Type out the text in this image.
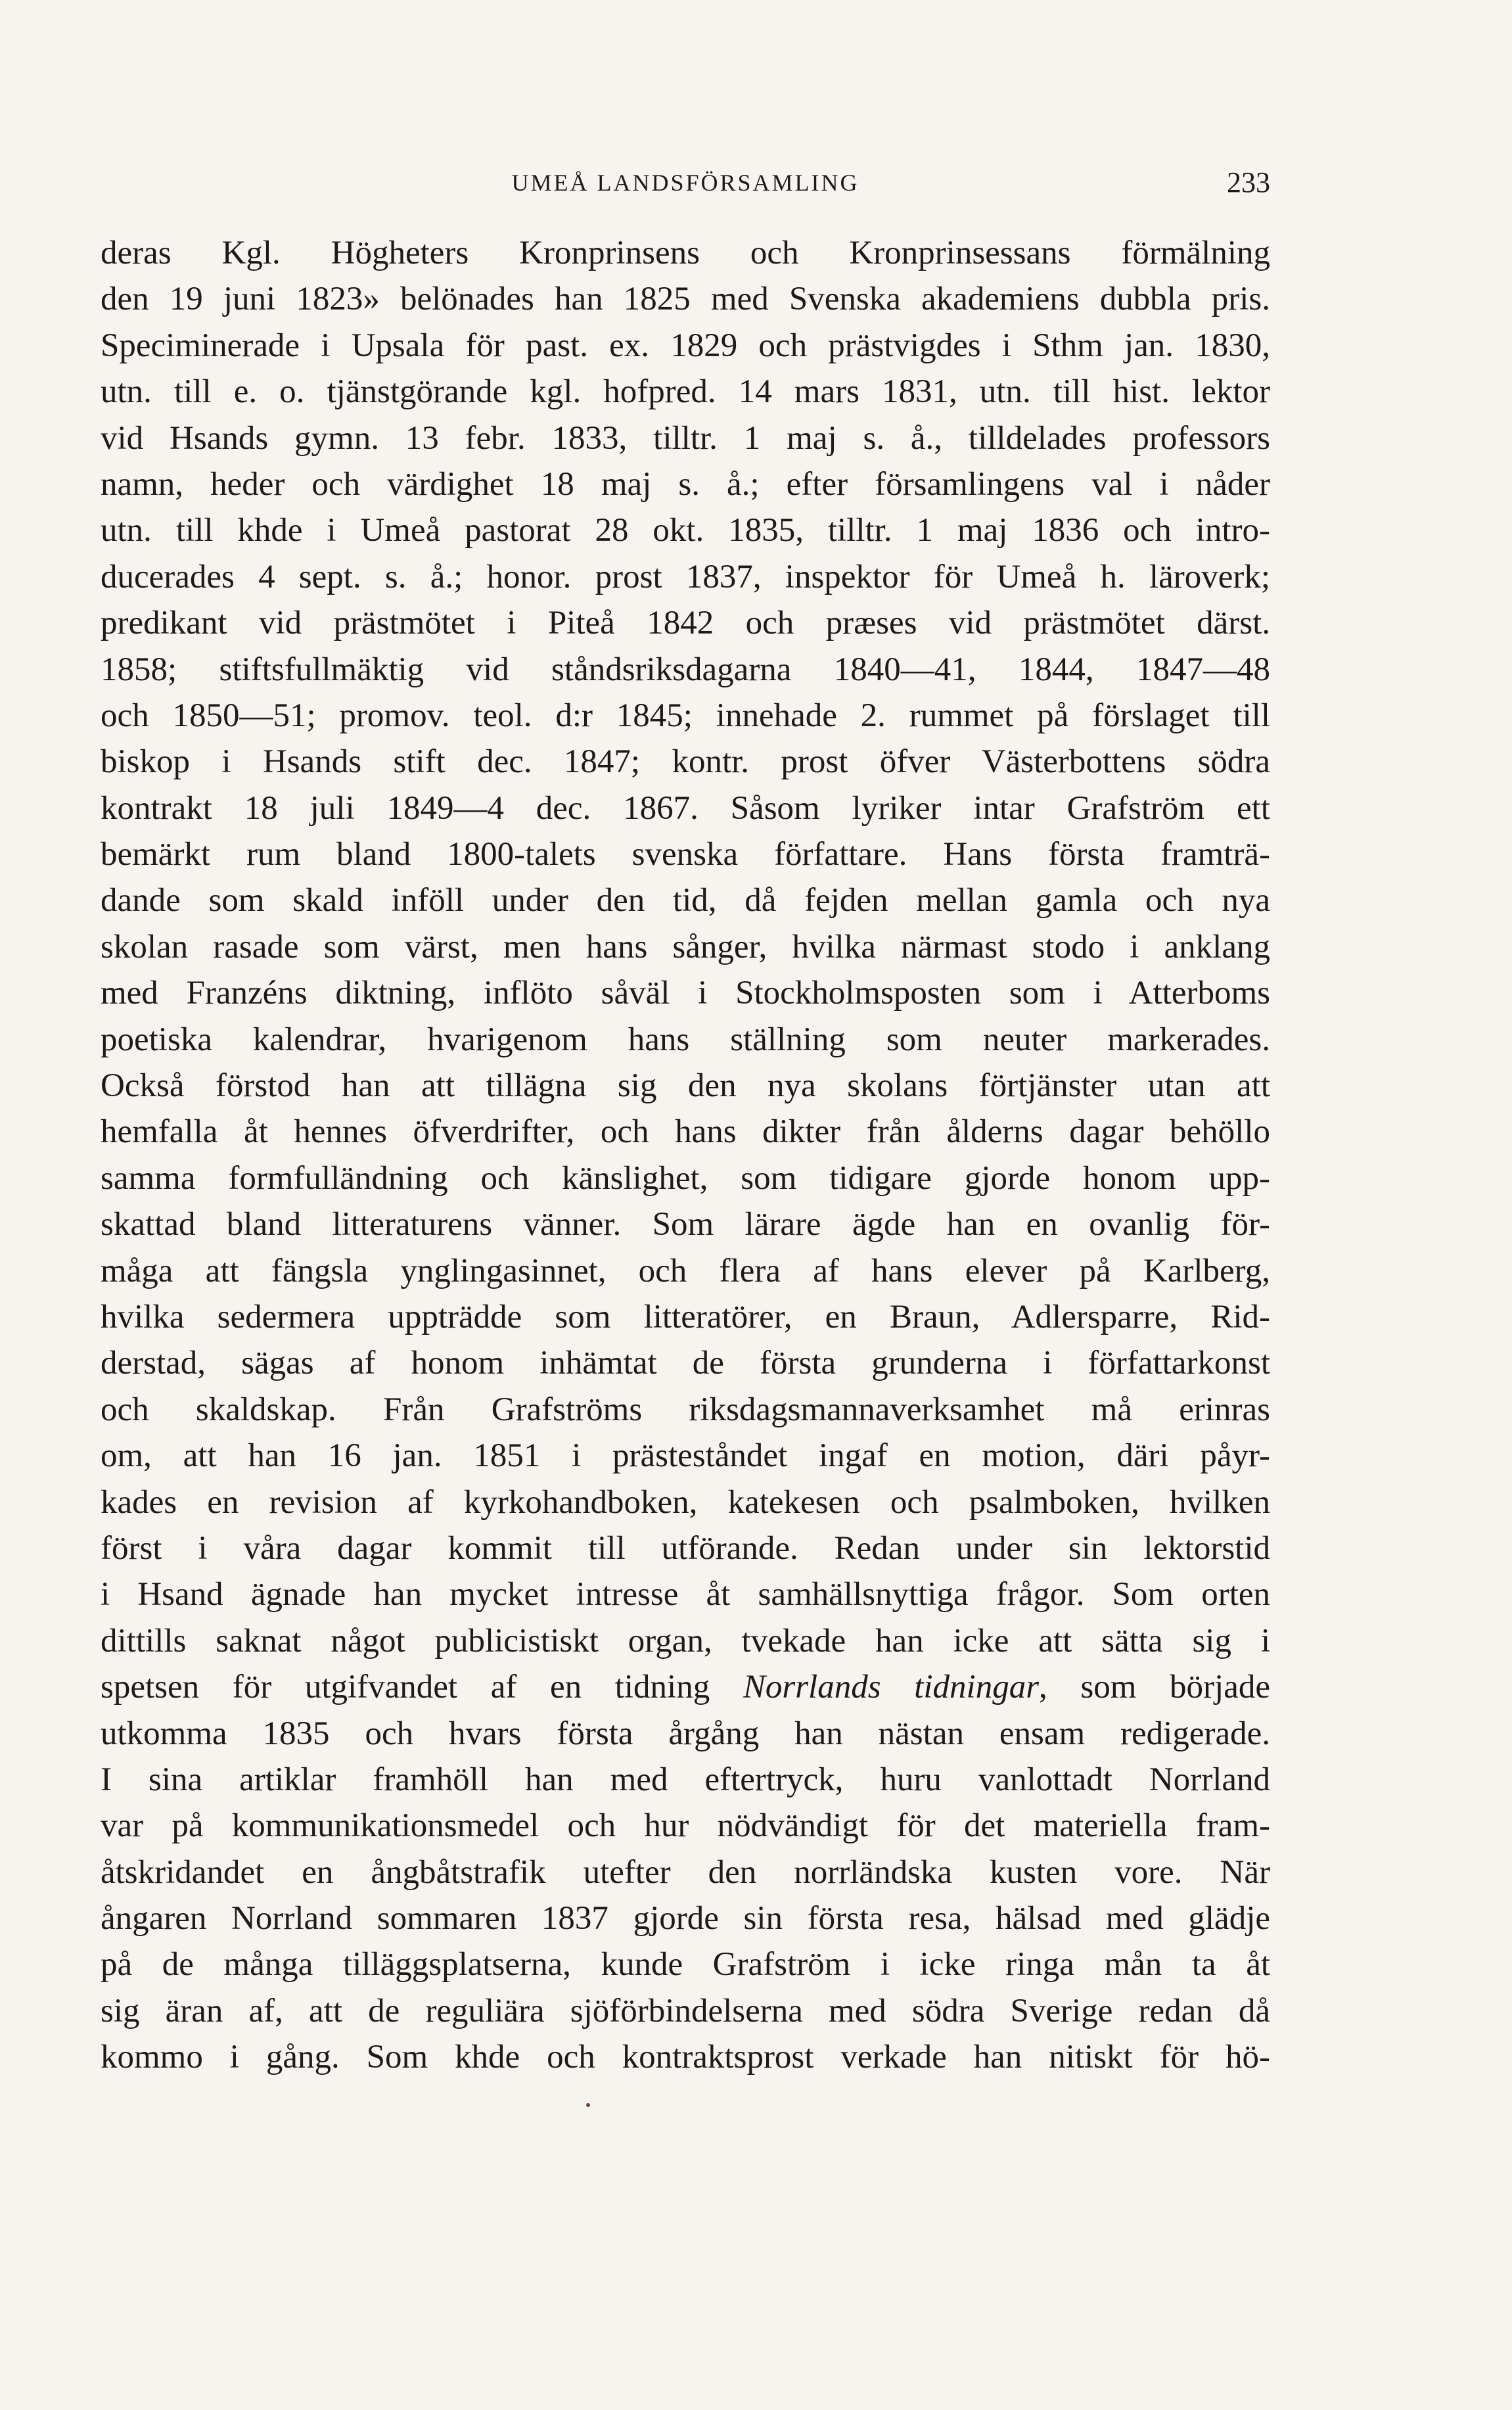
UMEÅ LANDSFÖRSAMLING	233
deras Kgl. Högheters Kronprinsens och Kronprinsessans förmälning
den 19 juni 1823» belönades han 1825 med Svenska akademiens dubbla pris.
Speciminerade i Upsala för past. ex. 1829 och prästvigdes i Sthm jan. 1830,
utn. till e. o. tjänstgörande kgl. hofpred. 14 mars 1831, utn. till hist. lektor
vid Hsands gymn. 13 febr. 1833, tilltr. 1 maj s. å., tilldelades professors
namn, heder och värdighet 18 maj s. å.; efter församlingens val i nåder
utn. till khde i Umeå pastorat 28 okt. 1835, tilltr. 1 maj 1836 och intro-
ducerades 4 sept. s. å.; honor. prost 1837, inspektor för Umeå h. läroverk;
predikant vid prästmötet i Piteå 1842 och præses vid prästmötet därst.
1858; stiftsfullmäktig vid ståndsriksdagarna 1840—41, 1844, 1847—48
och 1850—51; promov. teol. d:r 1845; innehade 2. rummet på förslaget till
biskop i Hsands stift dec. 1847; kontr. prost öfver Västerbottens södra
kontrakt 18 juli 1849—4 dec. 1867. Såsom lyriker intar Grafström ett
bemärkt rum bland 1800-talets svenska författare. Hans första framträ-
dande som skald inföll under den tid, då fejden mellan gamla och nya
skolan rasade som värst, men hans sånger, hvilka närmast stodo i anklang
med Franzéns diktning, inflöto såväl i Stockholmsposten som i Atterboms
poetiska kalendrar, hvarigenom hans ställning som neuter markerades.
Också förstod han att tillägna sig den nya skolans förtjänster utan att
hemfalla åt hennes öfverdrifter, och hans dikter från ålderns dagar behöllo
samma formfulländning och känslighet, som tidigare gjorde honom upp-
skattad bland litteraturens vänner. Som lärare ägde han en ovanlig för-
måga att fängsla ynglingasinnet, och flera af hans elever på Karlberg,
hvilka sedermera uppträdde som litteratörer, en Braun, Adlersparre, Rid-
derstad, sägas af honom inhämtat de första grunderna i författarkonst
och skaldskap. Från Grafströms riksdagsmannaverksamhet må erinras
om, att han 16 jan. 1851 i prästeståndet ingaf en motion, däri påyr-
kades en revision af kyrkohandboken, katekesen och psalmboken, hvilken
först i våra dagar kommit till utförande. Redan under sin lektorstid
i Hsand ägnade han mycket intresse åt samhällsnyttiga frågor. Som orten
dittills saknat något publicistiskt organ, tvekade han icke att sätta sig i
spetsen för utgifvandet af en tidning Norrlands tidningar, som började
utkomma 1835 och hvars första årgång han nästan ensam redigerade.
I sina artiklar framhöll han med eftertryck, huru vanlottadt Norrland
var på kommunikationsmedel och hur nödvändigt för det materiella fram-
åtskridandet en ångbåtstrafik utefter den norrländska kusten vore. När
ångaren Norrland sommaren 1837 gjorde sin första resa, hälsad med glädje
på de många tilläggsplatserna, kunde Grafström i icke ringa mån ta åt
sig äran af, att de reguliära sjöförbindelserna med södra Sverige redan då
kommo i gång. Som khde och kontraktsprost verkade han nitiskt för hö-
